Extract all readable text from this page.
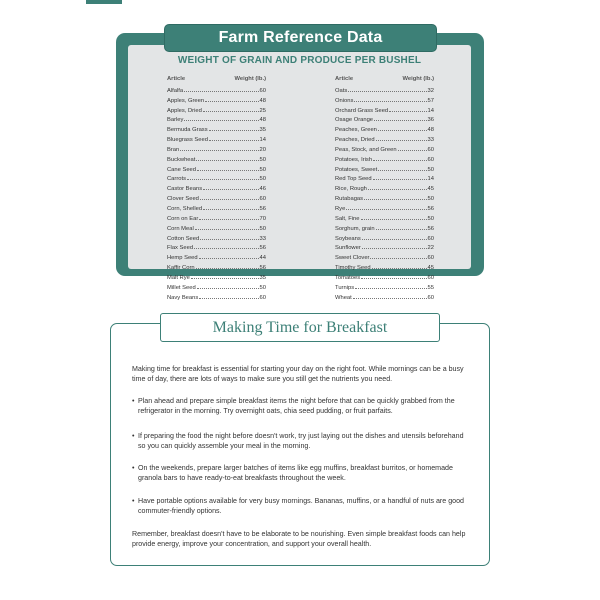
Farm Reference Data
WEIGHT OF GRAIN AND PRODUCE PER BUSHEL
Article	Weight (lb.)
Alfalfa	60
Apples, Green	48
Apples, Dried	25
Barley	48
Bermuda Grass	35
Bluegrass Seed	14
Bran	20
Buckwheat	50
Cane Seed	50
Carrots	50
Castor Beans	46
Clover Seed	60
Corn, Shelled	56
Corn on Ear	70
Corn Meal	50
Cotton Seed	33
Flax Seed	56
Hemp Seed	44
Kaffir Corn	56
Malt Rye	35
Millet Seed	50
Navy Beans	60
Article	Weight (lb.)
Oats	32
Onions	57
Orchard Grass Seed	14
Osage Orange	36
Peaches, Green	48
Peaches, Dried	33
Peas, Stock, and Green	60
Potatoes, Irish	60
Potatoes, Sweet	50
Red Top Seed	14
Rice, Rough	45
Rutabagas	50
Rye	56
Salt, Fine	50
Sorghum, grain	56
Soybeans	60
Sunflower	22
Sweet Clover	60
Timothy Seed	45
Tomatoes	60
Turnips	55
Wheat	60
Making Time for Breakfast
Making time for breakfast is essential for starting your day on the right foot. While mornings can be a busy time of day, there are lots of ways to make sure you still get the nutrients you need.
• Plan ahead and prepare simple breakfast items the night before that can be quickly grabbed from the refrigerator in the morning. Try overnight oats, chia seed pudding, or fruit parfaits.
• If preparing the food the night before doesn't work, try just laying out the dishes and utensils beforehand so you can quickly assemble your meal in the morning.
• On the weekends, prepare larger batches of items like egg muffins, breakfast burritos, or homemade granola bars to have ready-to-eat breakfasts throughout the week.
• Have portable options available for very busy mornings. Bananas, muffins, or a handful of nuts are good commuter-friendly options.
Remember, breakfast doesn't have to be elaborate to be nourishing. Even simple breakfast foods can help provide energy, improve your concentration, and support your overall health.
